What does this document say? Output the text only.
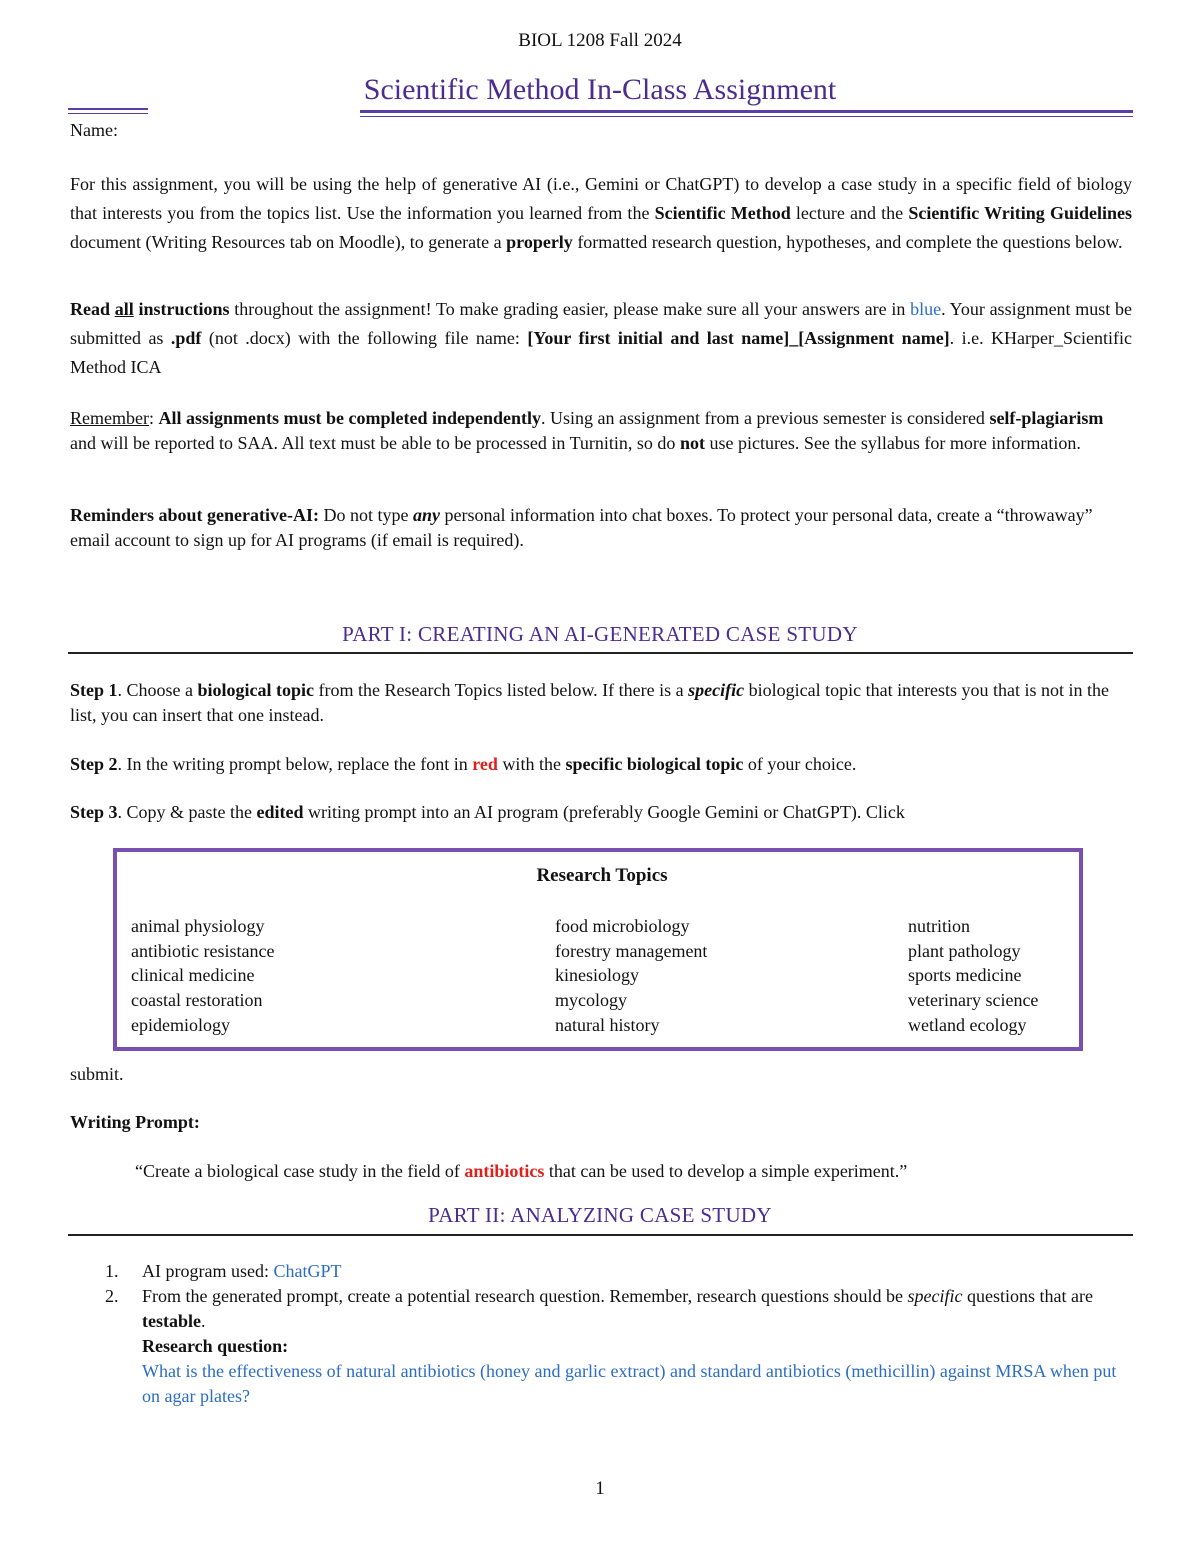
BIOL 1208 Fall 2024
Scientific Method In-Class Assignment
Name:
For this assignment, you will be using the help of generative AI (i.e., Gemini or ChatGPT) to develop a case study in a specific field of biology that interests you from the topics list. Use the information you learned from the Scientific Method lecture and the Scientific Writing Guidelines document (Writing Resources tab on Moodle), to generate a properly formatted research question, hypotheses, and complete the questions below.
Read all instructions throughout the assignment! To make grading easier, please make sure all your answers are in blue. Your assignment must be submitted as .pdf (not .docx) with the following file name: [Your first initial and last name]_[Assignment name]. i.e. KHarper_Scientific Method ICA
Remember: All assignments must be completed independently. Using an assignment from a previous semester is considered self-plagiarism and will be reported to SAA. All text must be able to be processed in Turnitin, so do not use pictures. See the syllabus for more information.
Reminders about generative-AI: Do not type any personal information into chat boxes. To protect your personal data, create a “throwaway” email account to sign up for AI programs (if email is required).
PART I: CREATING AN AI-GENERATED CASE STUDY
Step 1. Choose a biological topic from the Research Topics listed below. If there is a specific biological topic that interests you that is not in the list, you can insert that one instead.
Step 2. In the writing prompt below, replace the font in red with the specific biological topic of your choice.
Step 3. Copy & paste the edited writing prompt into an AI program (preferably Google Gemini or ChatGPT). Click
Research Topics
animal physiology
antibiotic resistance
clinical medicine
coastal restoration
epidemiology
food microbiology
forestry management
kinesiology
mycology
natural history
nutrition
plant pathology
sports medicine
veterinary science
wetland ecology
submit.
Writing Prompt:
“Create a biological case study in the field of antibiotics that can be used to develop a simple experiment.”
PART II: ANALYZING CASE STUDY
1. AI program used: ChatGPT
2. From the generated prompt, create a potential research question. Remember, research questions should be specific questions that are testable.
Research question:
What is the effectiveness of natural antibiotics (honey and garlic extract) and standard antibiotics (methicillin) against MRSA when put on agar plates?
1
